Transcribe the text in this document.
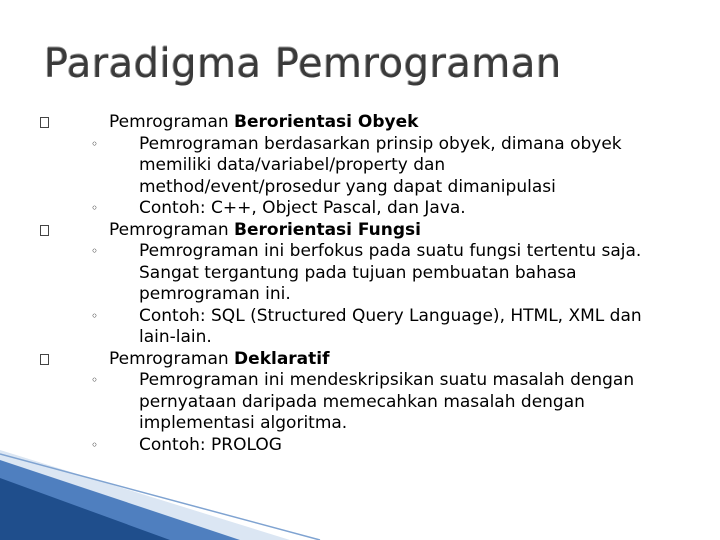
Paradigma Pemrograman
Pemrograman Berorientasi Obyek
◦ Pemrograman berdasarkan prinsip obyek, dimana obyek memiliki data/variabel/property dan method/event/prosedur yang dapat dimanipulasi
◦ Contoh: C++, Object Pascal, dan Java.
Pemrograman Berorientasi Fungsi
◦ Pemrograman ini berfokus pada suatu fungsi tertentu saja. Sangat tergantung pada tujuan pembuatan bahasa pemrograman ini.
◦ Contoh: SQL (Structured Query Language), HTML, XML dan lain-lain.
Pemrograman Deklaratif
◦ Pemrograman ini mendeskripsikan suatu masalah dengan pernyataan daripada memecahkan masalah dengan implementasi algoritma.
◦ Contoh: PROLOG
